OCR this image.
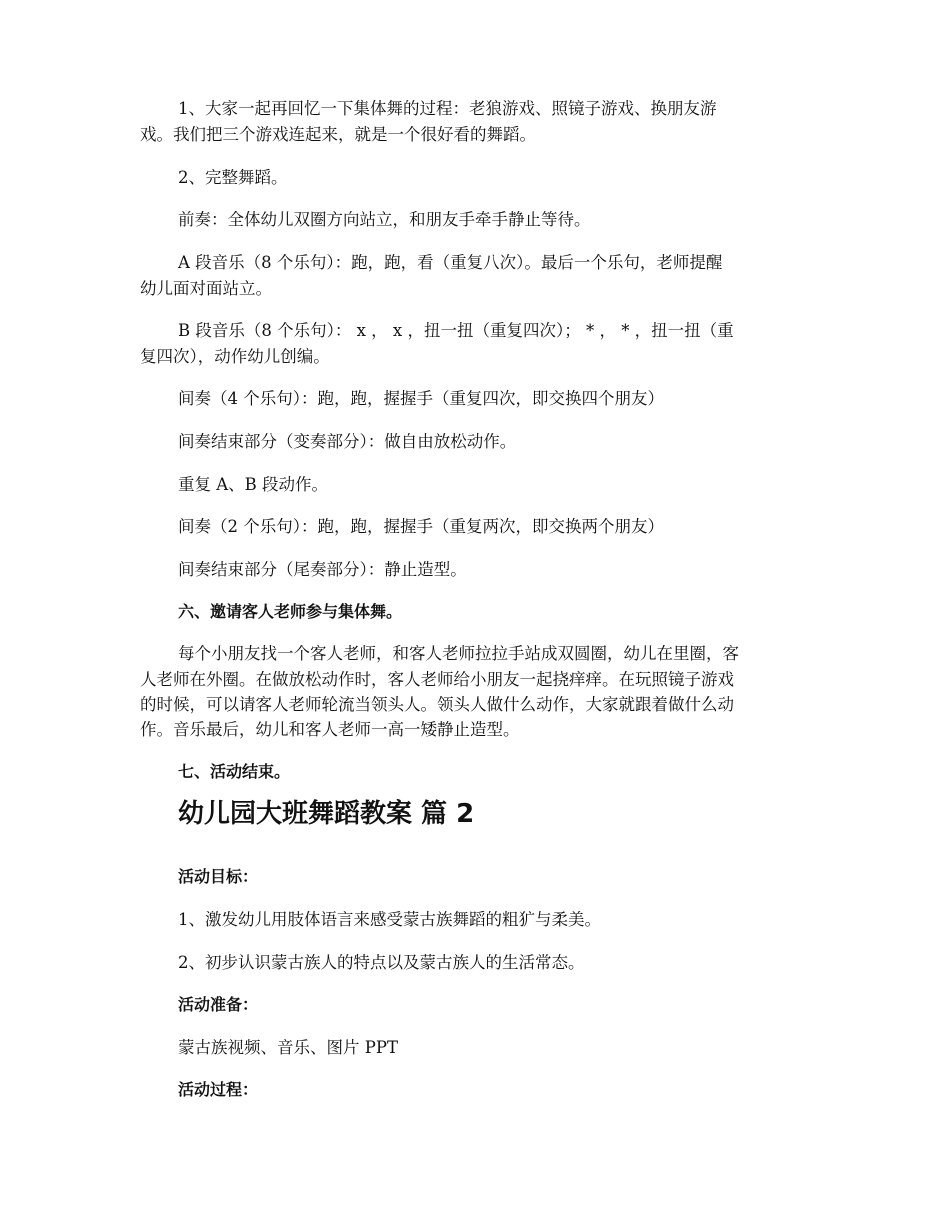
1、大家一起再回忆一下集体舞的过程：老狼游戏、照镜子游戏、换朋友游
戏。我们把三个游戏连起来，就是一个很好看的舞蹈。
2、完整舞蹈。
前奏：全体幼儿双圈方向站立，和朋友手牵手静止等待。
A 段音乐（8 个乐句）：跑，跑，看（重复八次）。最后一个乐句，老师提醒
幼儿面对面站立。
B 段音乐（8 个乐句）： x ， x ，扭一扭（重复四次）； * ， * ，扭一扭（重
复四次），动作幼儿创编。
间奏（4 个乐句）：跑，跑，握握手（重复四次，即交换四个朋友）
间奏结束部分（变奏部分）：做自由放松动作。
重复 A、B 段动作。
间奏（2 个乐句）：跑，跑，握握手（重复两次，即交换两个朋友）
间奏结束部分（尾奏部分）：静止造型。
六、邀请客人老师参与集体舞。
每个小朋友找一个客人老师，和客人老师拉拉手站成双圆圈，幼儿在里圈，客
人老师在外圈。在做放松动作时，客人老师给小朋友一起挠痒痒。在玩照镜子游戏
的时候，可以请客人老师轮流当领头人。领头人做什么动作，大家就跟着做什么动
作。音乐最后，幼儿和客人老师一高一矮静止造型。
七、活动结束。
幼儿园大班舞蹈教案 篇 2
活动目标：
1、激发幼儿用肢体语言来感受蒙古族舞蹈的粗犷与柔美。
2、初步认识蒙古族人的特点以及蒙古族人的生活常态。
活动准备：
蒙古族视频、音乐、图片 PPT
活动过程：
